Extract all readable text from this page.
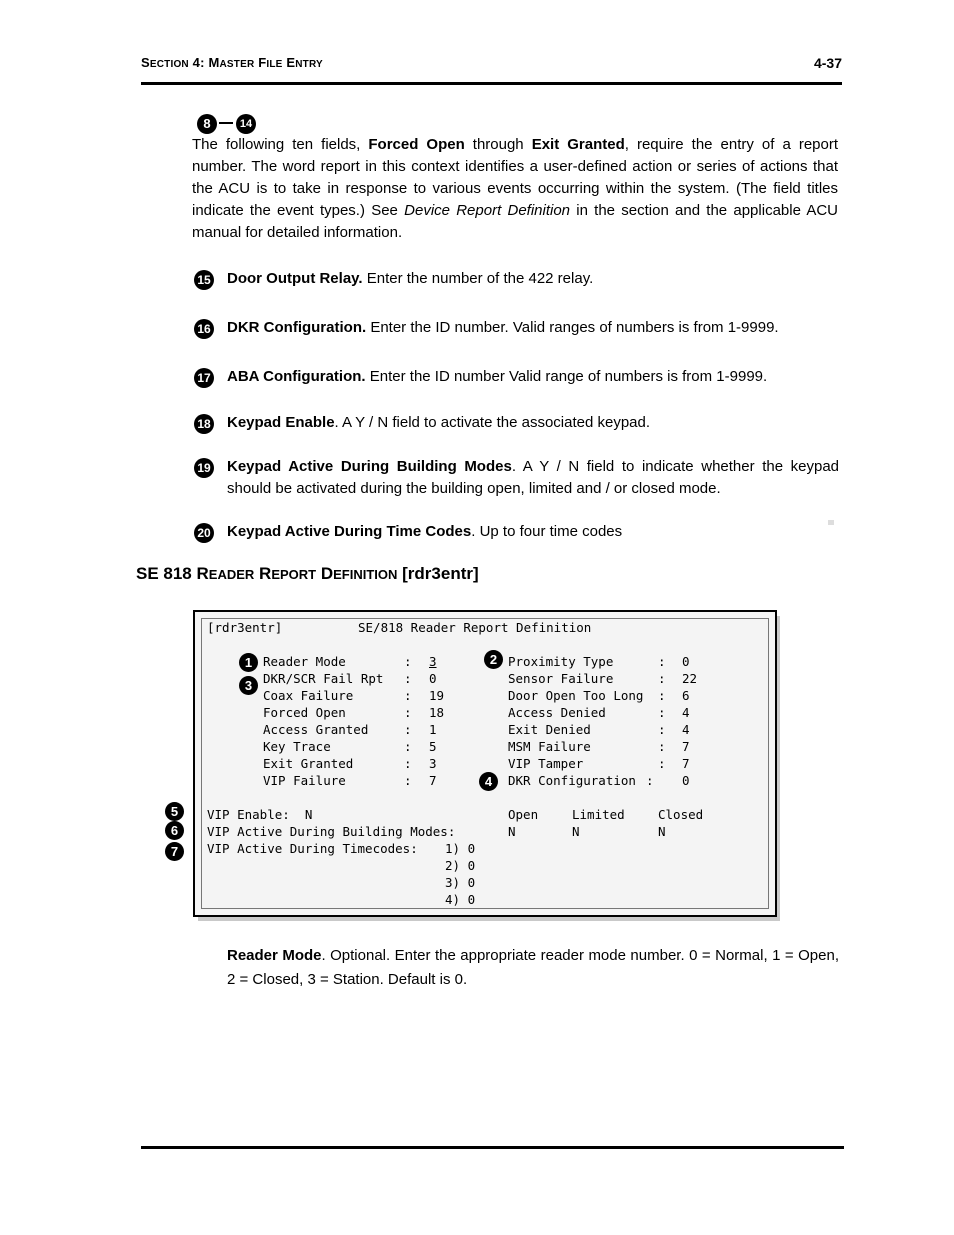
SECTION 4: MASTER FILE ENTRY	4-37
8	14
The following ten fields, Forced Open through Exit Granted, require the entry of a report number. The word report in this context identifies a user-defined action or series of actions that the ACU is to take in response to various events occurring within the system. (The field titles indicate the event types.) See Device Report Definition in the section and the applicable ACU manual for detailed information.
15 Door Output Relay. Enter the number of the 422 relay.
16 DKR Configuration. Enter the ID number. Valid ranges of numbers is from 1-9999.
17 ABA Configuration. Enter the ID number Valid range of numbers is from 1-9999.
18 Keypad Enable. A Y / N field to activate the associated keypad.
19 Keypad Active During Building Modes. A Y / N field to indicate whether the keypad should be activated during the building open, limited and / or closed mode.
20 Keypad Active During Time Codes. Up to four time codes
SE 818 READER REPORT DEFINITION [rdr3entr]
[rdr3entr]	SE/818 Reader Report Definition
Reader Mode	: 3
DKR/SCR Fail Rpt : 0
Coax Failure	: 19
Forced Open	: 18
Access Granted	: 1
Key Trace	: 5
Exit Granted	: 3
VIP Failure	: 7
Proximity Type	: 0
Sensor Failure	: 22
Door Open Too Long : 6
Access Denied	: 4
Exit Denied	: 4
MSM Failure	: 7
VIP Tamper	: 7
DKR Configuration : 0
VIP Enable:  N	Open	Limited	Closed
VIP Active During Building Modes:	N	N	N
VIP Active During Timecodes: 1) 0
2) 0
3) 0
4) 0
1	2
3
4
5
6
7
Reader Mode. Optional. Enter the appropriate reader mode number. 0 = Normal, 1 = Open, 2 = Closed, 3 = Station. Default is 0.
